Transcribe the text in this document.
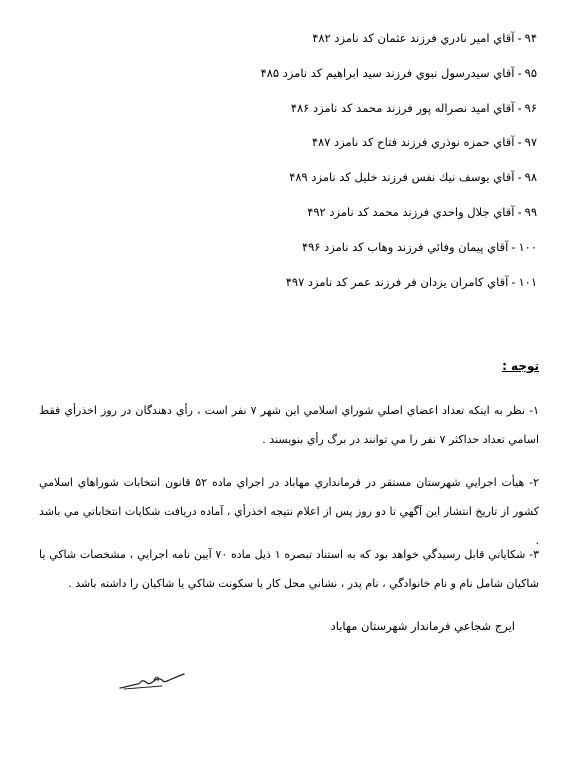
۹۴-آقاي امير نادري فرزند عثمان كد نامزد ۴۸۲
۹۵-آقاي سيدرسول نبوي فرزند سيد ابراهيم كد نامزد ۴۸۵
۹۶-آقاي اميد نصراله پور فرزند محمد كد نامزد ۴۸۶
۹۷-آقاي حمزه نوذري فرزند فتاح كد نامزد ۴۸۷
۹۸-آقاي يوسف نيك نفس فرزند خليل كد نامزد ۴۸۹
۹۹-آقاي جلال واحدي فرزند محمد كد نامزد ۴۹۲
۱۰۰-آقاي پيمان وفائي فرزند وهاب كد نامزد ۴۹۶
۱۰۱-آقاي كامران يزدان فر فرزند عمر كد نامزد ۴۹۷

توجه :

۱- نظر به اينكه تعداد اعضاي اصلي شوراي اسلامي اين شهر ۷ نفر است ، رأي دهندگان در روز اخذرأي فقط اسامي تعداد حداكثر ۷ نفر را مي توانند در برگ رأي بنويسند .

۲- هيأت اجرايي شهرستان مستقر در فرمانداري مهاباد در اجراي ماده ۵۲ قانون انتخابات شوراهاي اسلامي كشور از تاريخ انتشار اين آگهي تا دو روز پس از اعلام نتيجه اخذرأي ، آماده دريافت شكايات انتخاباتي مي باشد .

۳- شكاياتي قابل رسيدگي خواهد بود كه به استناد تبصره ۱ ذيل ماده ۷۰ آيين نامه اجرايي ، مشخصات شاكي يا شاكيان شامل نام و نام خانوادگي ، نام پدر ، نشاني محل كار يا سكونت شاكي يا شاكيان را داشته باشد .

ايرج شجاعي فرماندار شهرستان مهاباد
